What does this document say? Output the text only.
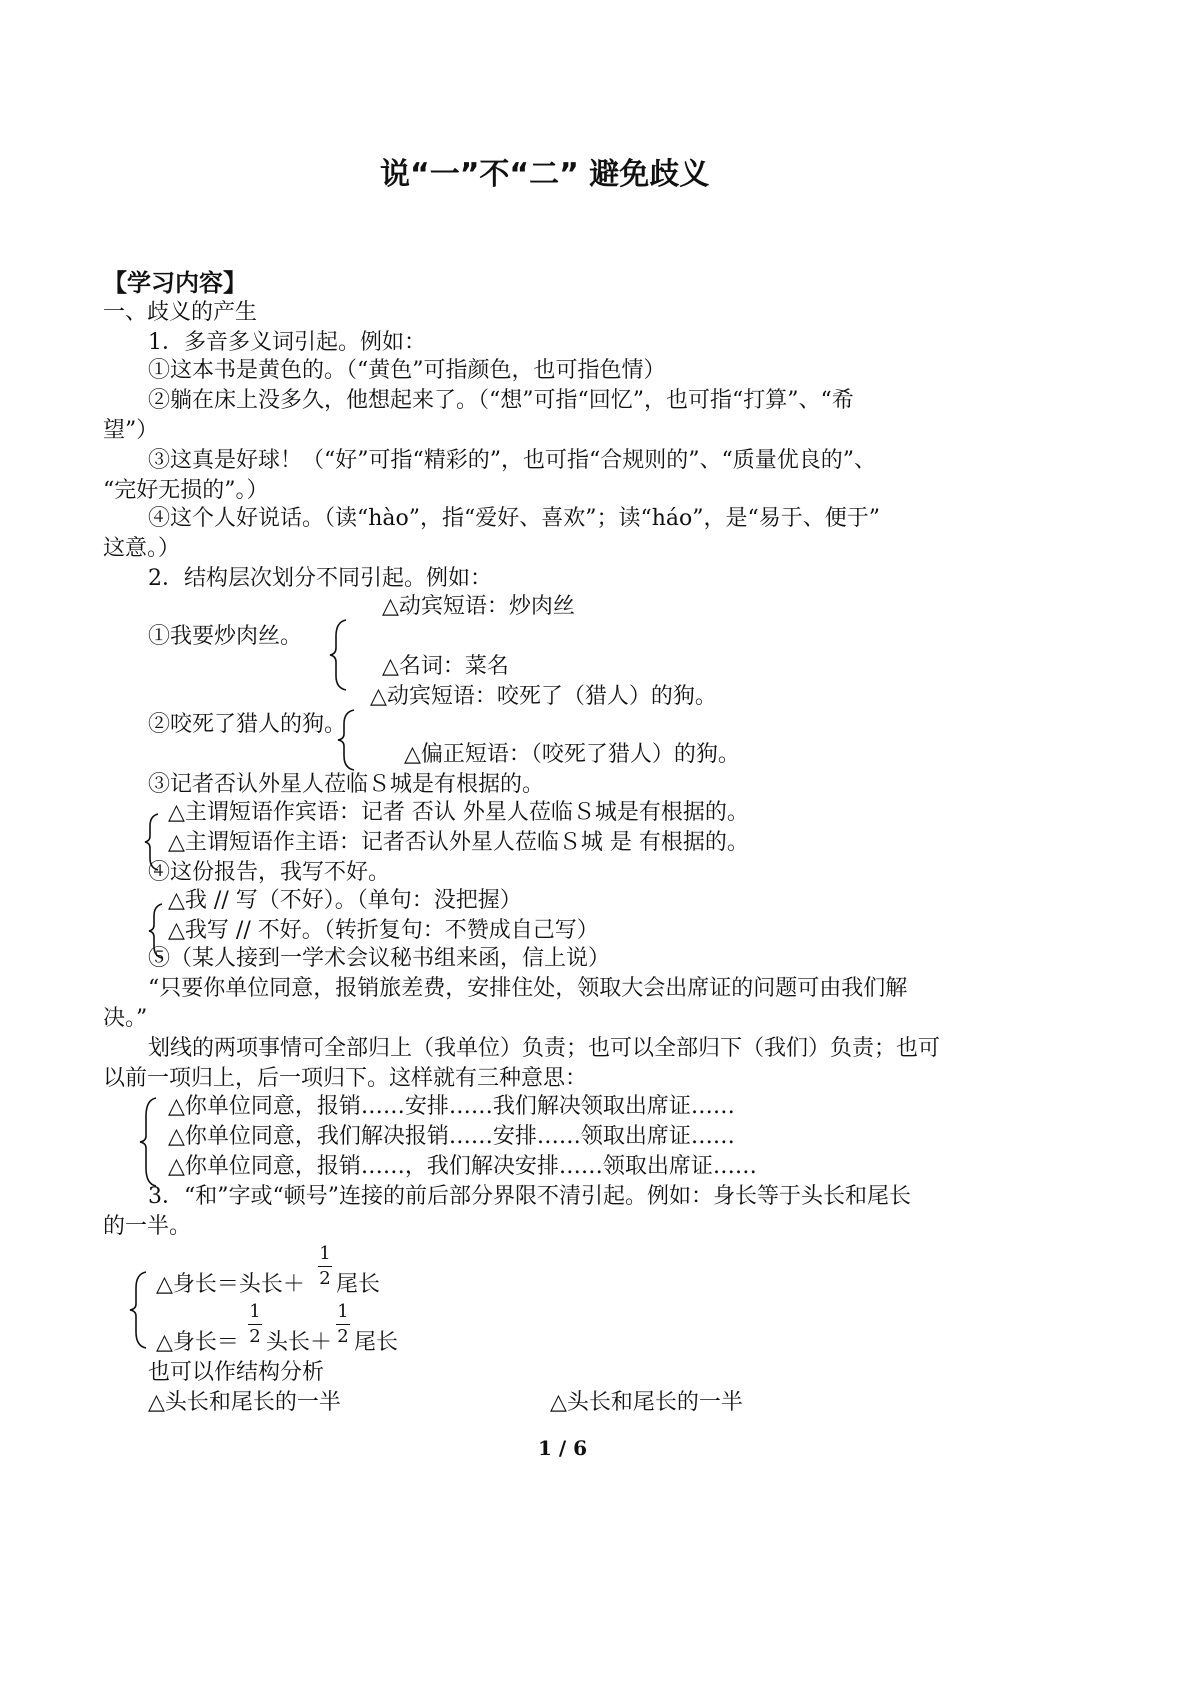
说“一”不“二” 避免歧义
【学习内容】
一、歧义的产生
1．多音多义词引起。例如：
①这本书是黄色的。（“黄色”可指颜色，也可指色情）
②躺在床上没多久，他想起来了。（“想”可指“回忆”，也可指“打算”、“希
望”）
③这真是好球！（“好”可指“精彩的”，也可指“合规则的”、“质量优良的”、
“完好无损的”。）
④这个人好说话。（读“hào”，指“爱好、喜欢”；读“háo”，是“易于、便于”
这意。）
2．结构层次划分不同引起。例如：
△动宾短语：炒肉丝
①我要炒肉丝。
△名词：菜名
△动宾短语：咬死了（猎人）的狗。
②咬死了猎人的狗。
△偏正短语：（咬死了猎人）的狗。
③记者否认外星人莅临Ｓ城是有根据的。
△主谓短语作宾语：记者 否认 外星人莅临Ｓ城是有根据的。
△主谓短语作主语：记者否认外星人莅临Ｓ城 是 有根据的。
④这份报告，我写不好。
△我 // 写（不好）。（单句：没把握）
△我写 // 不好。（转折复句：不赞成自己写）
⑤（某人接到一学术会议秘书组来函，信上说）
“只要你单位同意，报销旅差费，安排住处，领取大会出席证的问题可由我们解
决。”
划线的两项事情可全部归上（我单位）负责；也可以全部归下（我们）负责；也可
以前一项归上，后一项归下。这样就有三种意思：
△你单位同意，报销……安排……我们解决领取出席证……
△你单位同意，我们解决报销……安排……领取出席证……
△你单位同意，报销……，我们解决安排……领取出席证……
3．“和”字或“顿号”连接的前后部分界限不清引起。例如：身长等于头长和尾长
的一半。
△身长＝头长＋
1
2 尾长
△身长＝
1
2 头长＋
1
2 尾长
也可以作结构分析
△头长和尾长的一半	△头长和尾长的一半
1 / 6
